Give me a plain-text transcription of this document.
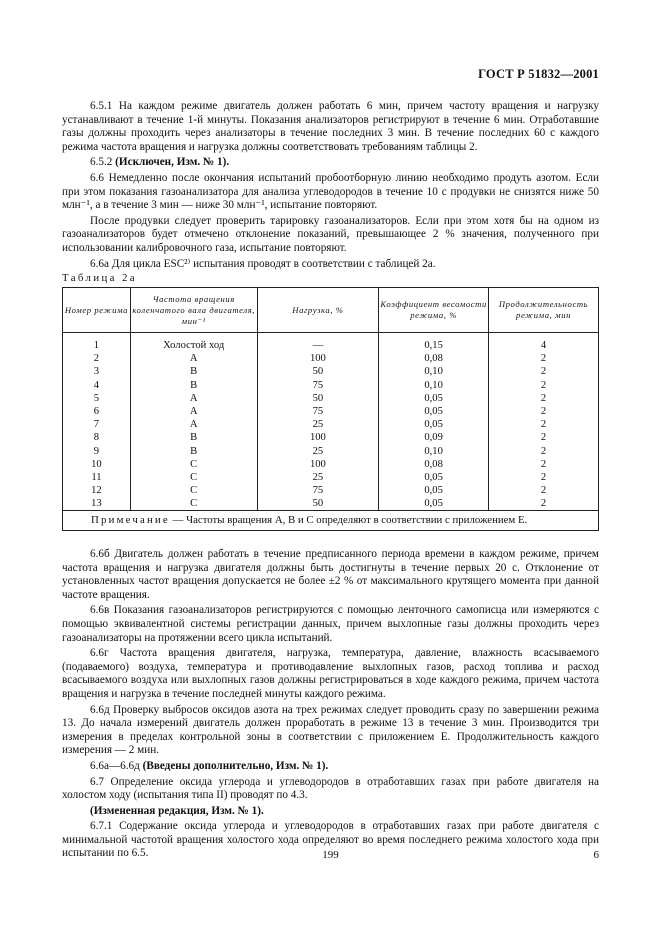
ГОСТ Р 51832—2001

6.5.1 На каждом режиме двигатель должен работать 6 мин, причем частоту вращения и нагрузку устанавливают в течение 1-й минуты. Показания анализаторов регистрируют в течение 6 мин. Отработавшие газы должны проходить через анализаторы в течение последних 3 мин. В течение последних 60 с каждого режима частота вращения и нагрузка должны соответствовать требованиям таблицы 2.

6.5.2 (Исключен, Изм. № 1).

6.6 Немедленно после окончания испытаний пробоотборную линию необходимо продуть азотом. Если при этом показания газоанализатора для анализа углеводородов в течение 10 с продувки не снизятся ниже 50 млн⁻¹, а в течение 3 мин — ниже 30 млн⁻¹, испытание повторяют.

После продувки следует проверить тарировку газоанализаторов. Если при этом хотя бы на одном из газоанализаторов будет отмечено отклонение показаний, превышающее 2 % значения, полученного при использовании калибровочного газа, испытание повторяют.

6.6а Для цикла ESC²⁾ испытания проводят в соответствии с таблицей 2а.

Таблица 2а
Номер режима	Частота вращения коленчатого вала двигателя, мин⁻¹	Нагрузка, %	Коэффициент весомости режима, %	Продолжительность режима, мин

1	Холостой ход	—	0,15	4
2	A	100	0,08	2
3	B	50	0,10	2
4	B	75	0,10	2
5	A	50	0,05	2
6	A	75	0,05	2
7	A	25	0,05	2
8	B	100	0,09	2
9	B	25	0,10	2
10	C	100	0,08	2
11	C	25	0,05	2
12	C	75	0,05	2
13	C	50	0,05	2
Примечание — Частоты вращения A, B и C определяют в соответствии с приложением Е.				

6.6б Двигатель должен работать в течение предписанного периода времени в каждом режиме, причем частота вращения и нагрузка двигателя должны быть достигнуты в течение первых 20 с. Отклонение от установленных частот вращения допускается не более ±2 % от максимального крутящего момента при данной частоте вращения.

6.6в Показания газоанализаторов регистрируются с помощью ленточного самописца или измеряются с помощью эквивалентной системы регистрации данных, причем выхлопные газы должны проходить через газоанализаторы на протяжении всего цикла испытаний.

6.6г Частота вращения двигателя, нагрузка, температура, давление, влажность всасываемого (подаваемого) воздуха, температура и противодавление выхлопных газов, расход топлива и расход всасываемого воздуха или выхлопных газов должны регистрироваться в ходе каждого режима, причем частота вращения и нагрузка в течение последней минуты каждого режима.

6.6д Проверку выбросов оксидов азота на трех режимах следует проводить сразу по завершении режима 13. До начала измерений двигатель должен проработать в режиме 13 в течение 3 мин. Производится три измерения в пределах контрольной зоны в соответствии с приложением Е. Продолжительность каждого измерения — 2 мин.

6.6а—6.6д (Введены дополнительно, Изм. № 1).

6.7 Определение оксида углерода и углеводородов в отработавших газах при работе двигателя на холостом ходу (испытания типа II) проводят по 4.3.

(Измененная редакция, Изм. № 1).

6.7.1 Содержание оксида углерода и углеводородов в отработавших газах при работе двигателя с минимальной частотой вращения холостого хода определяют во время последнего режима холостого хода при испытании по 6.5.	199	6
